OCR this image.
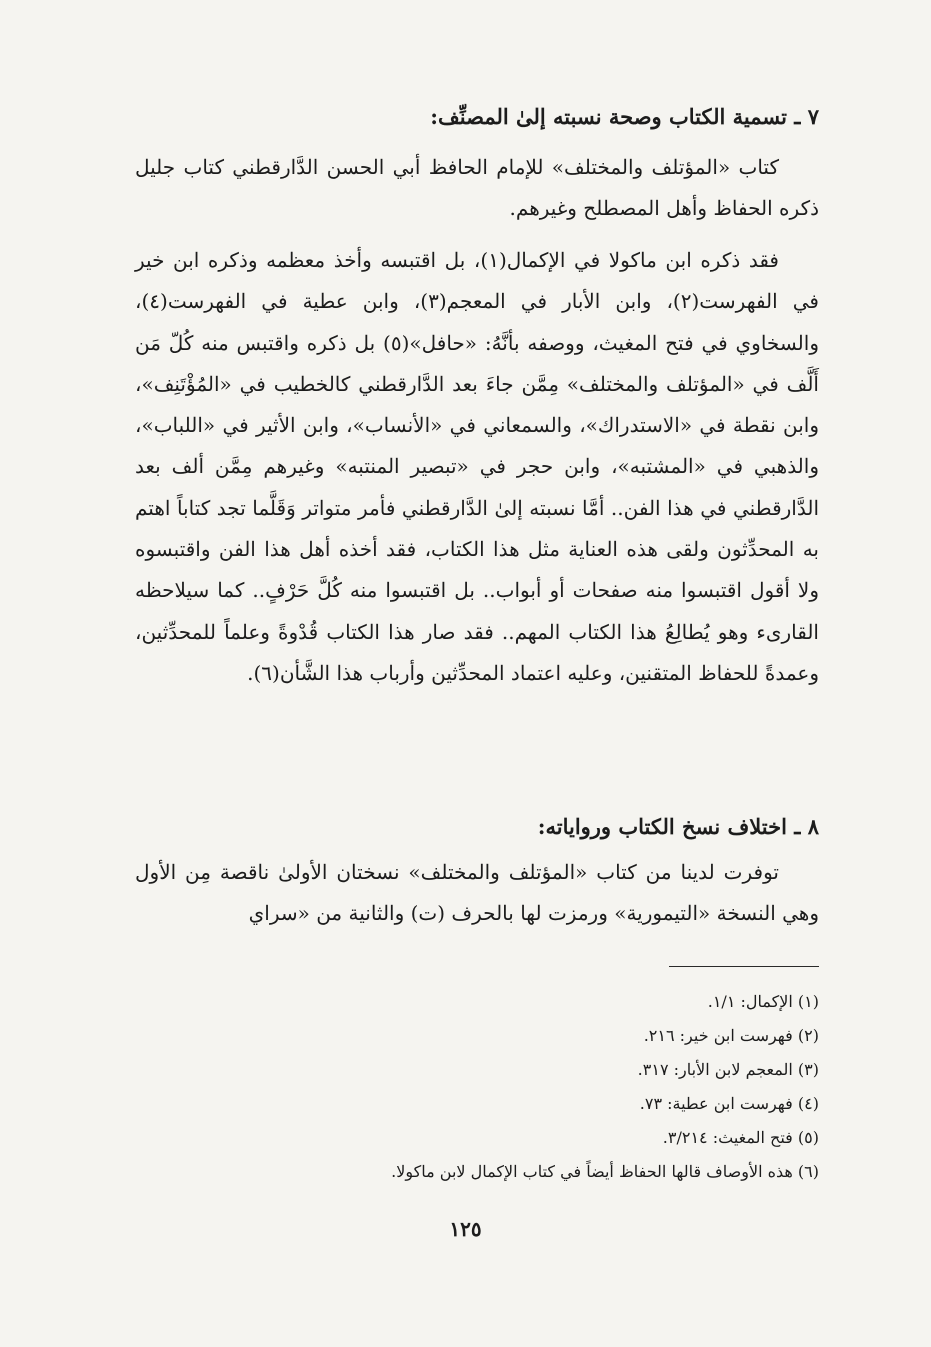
٧ ـ تسمية الكتاب وصحة نسبته إلىٰ المصنِّف:

كتاب «المؤتلف والمختلف» للإمام الحافظ أبي الحسن الدَّارقطني كتاب جليل ذكره الحفاظ وأهل المصطلح وغيرهم.

فقد ذكره ابن ماكولا في الإكمال(١)، بل اقتبسه وأخذ معظمه وذكره ابن خير في الفهرست(٢)، وابن الأبار في المعجم(٣)، وابن عطية في الفهرست(٤)، والسخاوي في فتح المغيث، ووصفه بأنَّهُ: «حافل»(٥) بل ذكره واقتبس منه كُلّ مَن أَلَّف في «المؤتلف والمختلف» مِمَّن جاءَ بعد الدَّارقطني كالخطيب في «المُؤْتَنِف»، وابن نقطة في «الاستدراك»، والسمعاني في «الأنساب»، وابن الأثير في «اللباب»، والذهبي في «المشتبه»، وابن حجر في «تبصير المنتبه» وغيرهم مِمَّن ألف بعد الدَّارقطني في هذا الفن.. أمَّا نسبته إلىٰ الدَّارقطني فأمر متواتر وَقَلَّما تجد كتاباً اهتم به المحدِّثون ولقى هذه العناية مثل هذا الكتاب، فقد أخذه أهل هذا الفن واقتبسوه ولا أقول اقتبسوا منه صفحات أو أبواب.. بل اقتبسوا منه كُلَّ حَرْفٍ.. كما سيلاحظه القارىء وهو يُطالِعُ هذا الكتاب المهم.. فقد صار هذا الكتاب قُدْوةً وعلماً للمحدِّثين، وعمدةً للحفاظ المتقنين، وعليه اعتماد المحدِّثين وأرباب هذا الشَّأن(٦).

٨ ـ اختلاف نسخ الكتاب ورواياته:

توفرت لدينا من كتاب «المؤتلف والمختلف» نسختان الأولىٰ ناقصة مِن الأول وهي النسخة «التيمورية» ورمزت لها بالحرف (ت) والثانية من «سراي

(١) الإكمال: ١/١.
(٢) فهرست ابن خير: ٢١٦.
(٣) المعجم لابن الأبار: ٣١٧.
(٤) فهرست ابن عطية: ٧٣.
(٥) فتح المغيث: ٣/٢١٤.
(٦) هذه الأوصاف قالها الحفاظ أيضاً في كتاب الإكمال لابن ماكولا.
١٢٥
